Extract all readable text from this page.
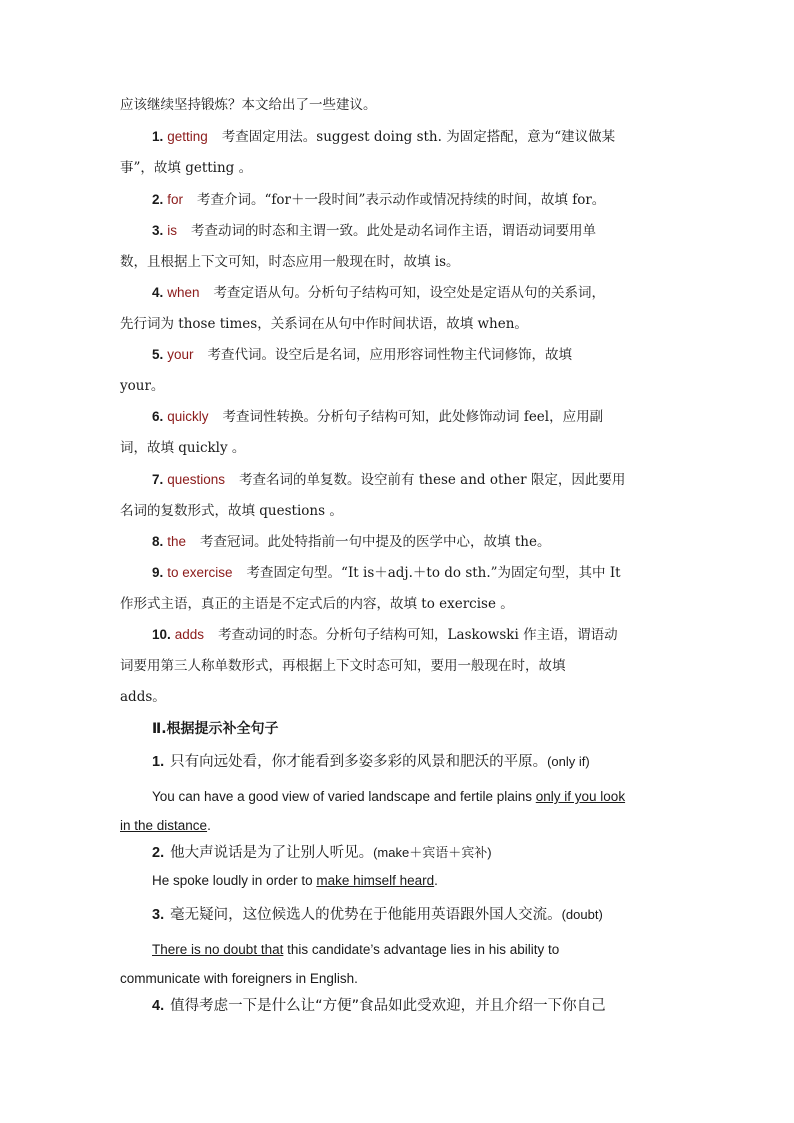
应该继续坚持锻炼？本文给出了一些建议。
1. getting 考查固定用法。suggest doing sth. 为固定搭配，意为“建议做某
事”，故填 getting 。
2. for 考查介词。“for＋一段时间”表示动作或情况持续的时间，故填 for。
3. is 考查动词的时态和主谓一致。此处是动名词作主语，谓语动词要用单
数，且根据上下文可知，时态应用一般现在时，故填 is。
4. when 考查定语从句。分析句子结构可知，设空处是定语从句的关系词，
先行词为 those times，关系词在从句中作时间状语，故填 when。
5. your 考查代词。设空后是名词，应用形容词性物主代词修饰，故填
your。
6. quickly 考查词性转换。分析句子结构可知，此处修饰动词 feel，应用副
词，故填 quickly 。
7. questions 考查名词的单复数。设空前有 these and other 限定，因此要用
名词的复数形式，故填 questions 。
8. the 考查冠词。此处特指前一句中提及的医学中心，故填 the。
9. to exercise 考查固定句型。“It is＋adj.＋to do sth.”为固定句型，其中 It
作形式主语，真正的主语是不定式后的内容，故填 to exercise 。
10. adds 考查动词的时态。分析句子结构可知，Laskowski 作主语，谓语动
词要用第三人称单数形式，再根据上下文时态可知，要用一般现在时，故填
adds。
Ⅱ.根据提示补全句子
1. 只有向远处看，你才能看到多姿多彩的风景和肥沃的平原。(only if)
You can have a good view of varied landscape and fertile plains only if you look
in the distance.
2. 他大声说话是为了让别人听见。(make＋宾语＋宾补)
He spoke loudly in order to make himself heard.
3. 毫无疑问，这位候选人的优势在于他能用英语跟外国人交流。(doubt)
There is no doubt that this candidate’s advantage lies in his ability to
communicate with foreigners in English.
4. 值得考虑一下是什么让“方便”食品如此受欢迎，并且介绍一下你自己
